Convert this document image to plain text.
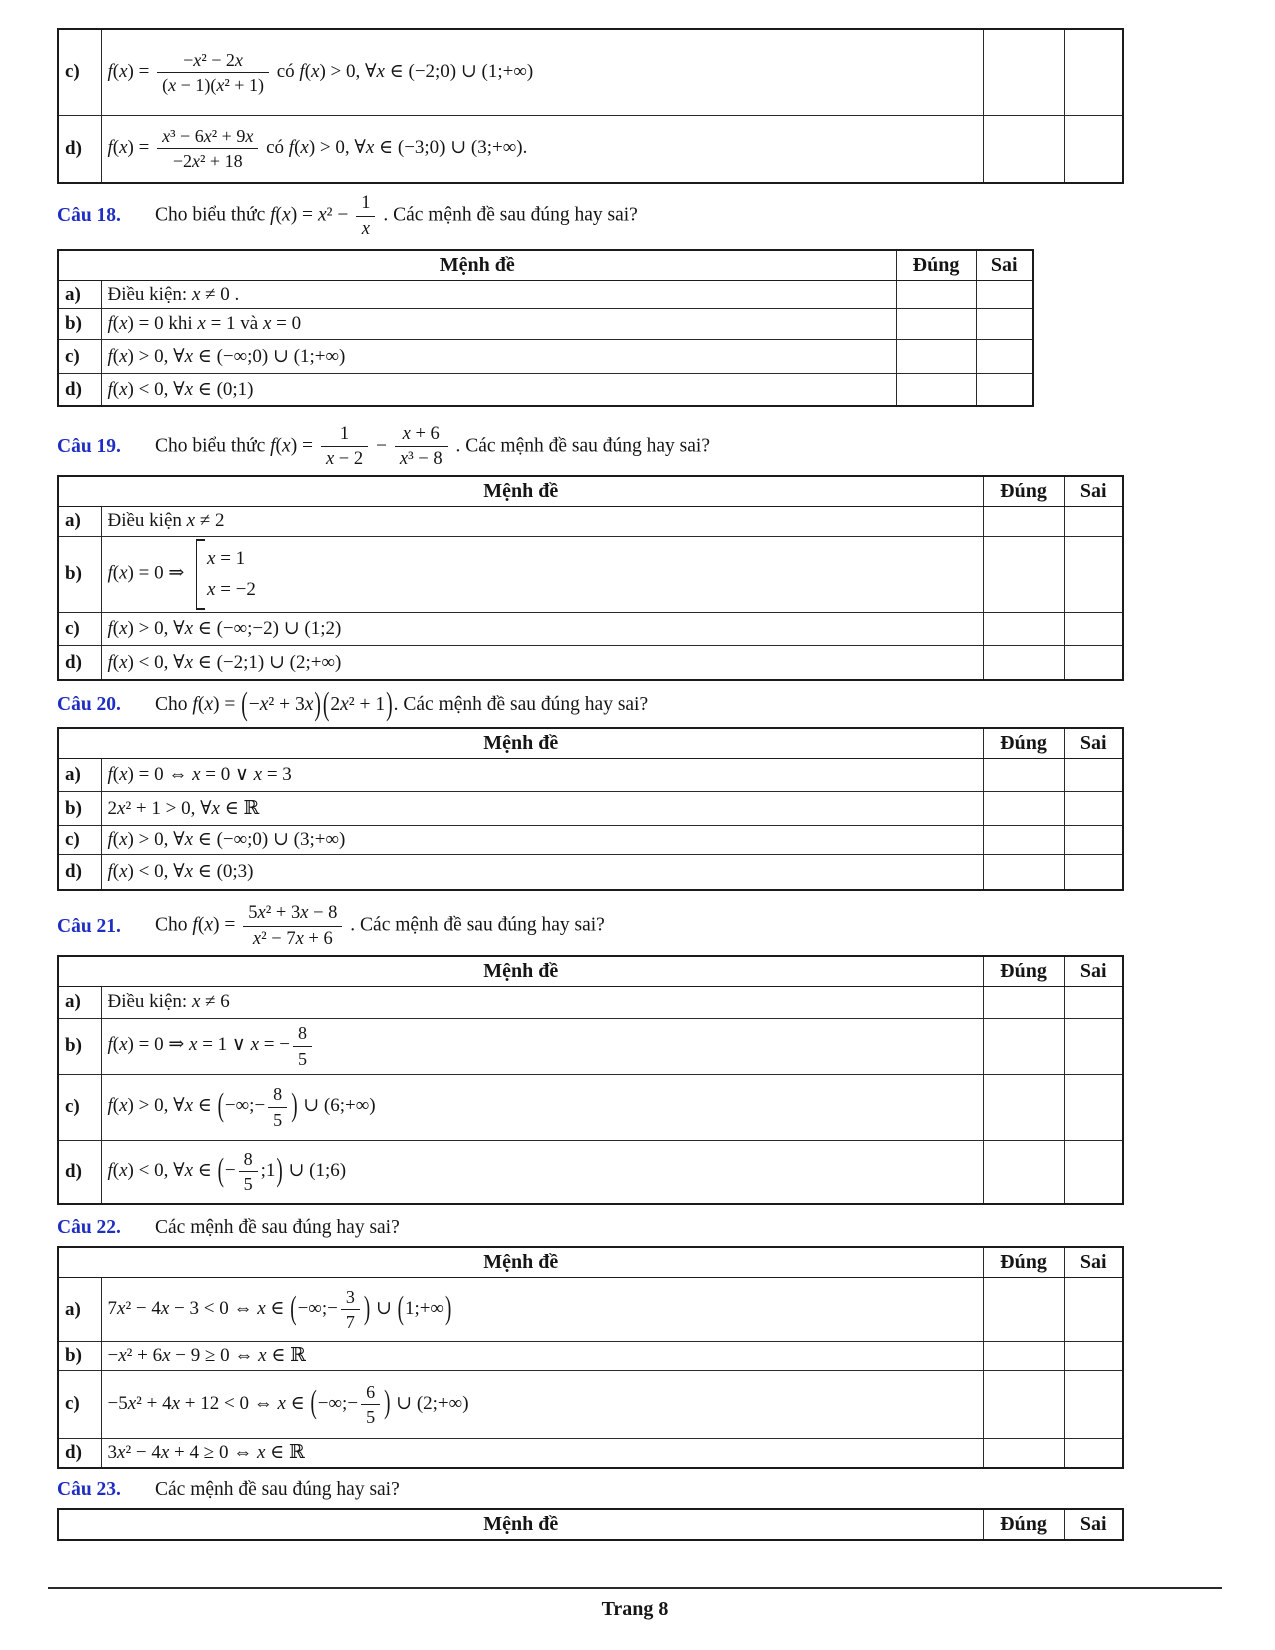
c)	$f(x) = \frac{\text{−x² − 2x}}{\text{(x − 1)(x² + 1)}}$ có f(x) > 0, ∀x ∈ (−2;0) ∪ (1;+∞)		
d)	$f(x) = \frac{\text{x³ − 6x² + 9x}}{\text{−2x² + 18}}$ có f(x) > 0, ∀x ∈ (−3;0) ∪ (3;+∞).		
Câu 18.	Cho biểu thức $f(x) = x^2 - \frac{1}{x}$ . Các mệnh đề sau đúng hay sai?
Mệnh đề		Đúng	Sai
a)	Điều kiện: x ≠ 0 .		
b)	f(x) = 0 khi x = 1 và x = 0		
c)	f(x) > 0, ∀x ∈ (−∞;0) ∪ (1;+∞)		
d)	f(x) < 0, ∀x ∈ (0;1)		
Câu 19.	Cho biểu thức $f(x) = \frac{1}{x - 2} - \frac{x + 6}{\text{x³ − 8}}$ . Các mệnh đề sau đúng hay sai?
Mệnh đề		Đúng	Sai
a)	Điều kiện x ≠ 2		
b)	f(x) = 0 ⇒
x = 1
x = −2		

c)	f(x) > 0, ∀x ∈ (−∞;−2) ∪ (1;2)		
d)	f(x) < 0, ∀x ∈ (−2;1) ∪ (2;+∞)		
Câu 20.	Cho f(x) = (−x² + 3x) (2x² + 1). Các mệnh đề sau đúng hay sai?
Mệnh đề		Đúng	Sai
a)	f(x) = 0 ⇔ x = 0 ∨ x = 3		
b)	2x² + 1 > 0, ∀x ∈ ℝ		
c)	f(x) > 0, ∀x ∈ (−∞;0) ∪ (3;+∞)		
d)	f(x) < 0, ∀x ∈ (0;3)		
Câu 21.	Cho $f(x) = \frac{\text{5x² + 3x − 8}}{\text{x² − 7x + 6}}$ . Các mệnh đề sau đúng hay sai?
Mệnh đề		Đúng	Sai
a)	Điều kiện: x ≠ 6		
b)	f(x) = 0 ⇒ x = 1 ∨ x = − $\frac{8}{5}$

c)	f(x) > 0, ∀x ∈ (−∞;− $\frac{8}{5}$ ) ∪ (6;+∞)		
d)	f(x) < 0, ∀x ∈ (− $\frac{8}{5}$ ;1) ∪ (1;6)		
Câu 22.	Các mệnh đề sau đúng hay sai?
Mệnh đề		Đúng	Sai
a)	7x² − 4x − 3 < 0 ⇔ x ∈ (−∞;− $\frac{3}{7}$ ) ∪ (1;+∞)		
b)	−x² + 6x − 9 ≥ 0 ⇔ x ∈ ℝ		
c)	−5x² + 4x + 12 < 0 ⇔ x ∈ (−∞;− $\frac{6}{5}$ ) ∪ (2;+∞)		
d)	3x² − 4x + 4 ≥ 0 ⇔ x ∈ ℝ		
Câu 23.	Các mệnh đề sau đúng hay sai?
Mệnh đề	Đúng	Sai
Trang 8
